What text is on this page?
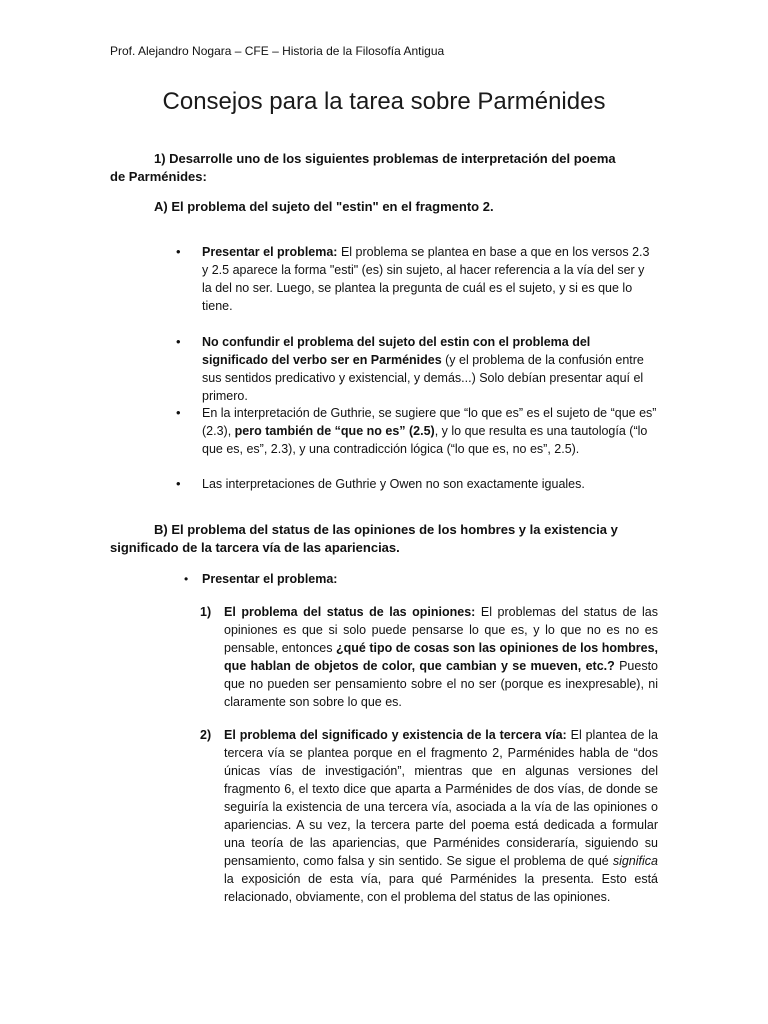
Prof. Alejandro Nogara – CFE – Historia de la Filosofía Antigua
Consejos para la tarea sobre Parménides
1) Desarrolle uno de los siguientes problemas de interpretación del poema de Parménides:
A) El problema del sujeto del "estin" en el fragmento 2.
•	Presentar el problema: El problema se plantea en base a que en los versos 2.3 y 2.5 aparece la forma "esti" (es) sin sujeto, al hacer referencia a la vía del ser y la del no ser. Luego, se plantea la pregunta de cuál es el sujeto, y si es que lo tiene.
•	No confundir el problema del sujeto del estin con el problema del significado del verbo ser en Parménides (y el problema de la confusión entre sus sentidos predicativo y existencial, y demás...) Solo debían presentar aquí el primero.
•	En la interpretación de Guthrie, se sugiere que “lo que es” es el sujeto de “que es” (2.3), pero también de “que no es” (2.5), y lo que resulta es una tautología (“lo que es, es”, 2.3), y una contradicción lógica (“lo que es, no es”, 2.5).
•	Las interpretaciones de Guthrie y Owen no son exactamente iguales.
B) El problema del status de las opiniones de los hombres y la existencia y significado de la tarcera vía de las apariencias.
• Presentar el problema:
1)	El problema del status de las opiniones: El problemas del status de las opiniones es que si solo puede pensarse lo que es, y lo que no es no es pensable, entonces ¿qué tipo de cosas son las opiniones de los hombres, que hablan de objetos de color, que cambian y se mueven, etc.? Puesto que no pueden ser pensamiento sobre el no ser (porque es inexpresable), ni claramente son sobre lo que es.
2)	El problema del significado y existencia de la tercera vía: El plantea de la tercera vía se plantea porque en el fragmento 2, Parménides habla de “dos únicas vías de investigación”, mientras que en algunas versiones del fragmento 6, el texto dice que aparta a Parménides de dos vías, de donde se seguiría la existencia de una tercera vía, asociada a la vía de las opiniones o apariencias. A su vez, la tercera parte del poema está dedicada a formular una teoría de las apariencias, que Parménides consideraría, siguiendo su pensamiento, como falsa y sin sentido. Se sigue el problema de qué significa la exposición de esta vía, para qué Parménides la presenta. Esto está relacionado, obviamente, con el problema del status de las opiniones.
